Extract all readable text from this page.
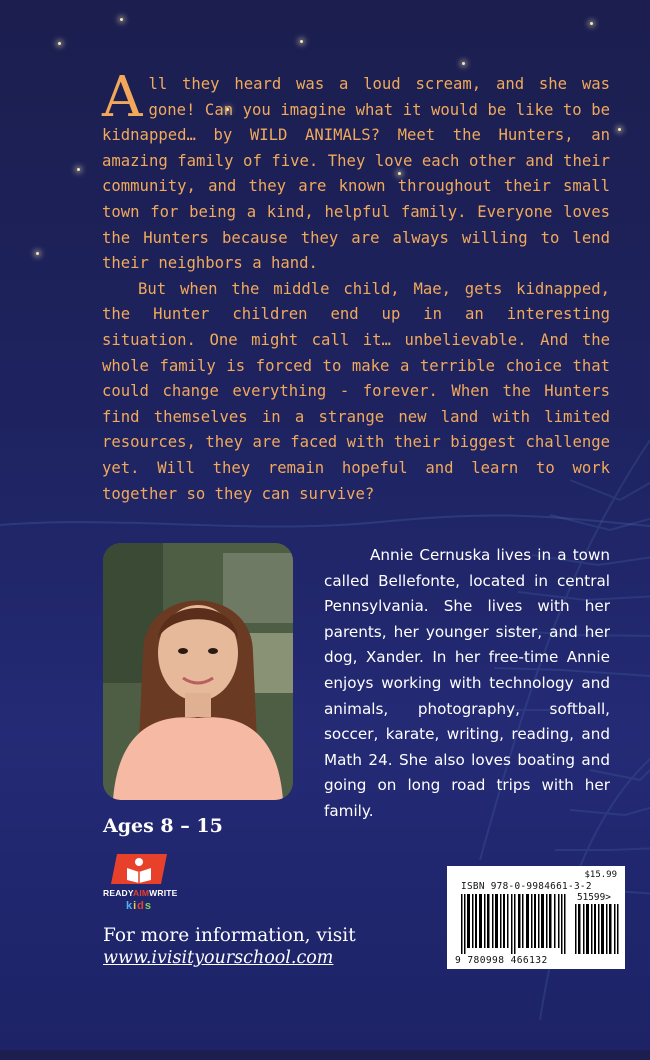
All they heard was a loud scream, and she was gone! Can you imagine what it would be like to be kidnapped… by WILD ANIMALS? Meet the Hunters, an amazing family of five. They love each other and their community, and they are known throughout their small town for being a kind, helpful family. Everyone loves the Hunters because they are always willing to lend their neighbors a hand.

But when the middle child, Mae, gets kidnapped, the Hunter children end up in an interesting situation. One might call it… unbelievable. And the whole family is forced to make a terrible choice that could change everything - forever. When the Hunters find themselves in a strange new land with limited resources, they are faced with their biggest challenge yet. Will they remain hopeful and learn to work together so they can survive?

Annie Cernuska lives in a town called Bellefonte, located in central Pennsylvania. She lives with her parents, her younger sister, and her dog, Xander. In her free-time Annie enjoys working with technology and animals, photography, softball, soccer, karate, writing, reading, and Math 24. She also loves boating and going on long road trips with her family.

Ages 8 – 15
READYAIMWRITE
kids
For more information, visit
www.ivisityourschool.com
$15.99
ISBN 978-0-9984661-3-2
51599>
9 780998 466132
